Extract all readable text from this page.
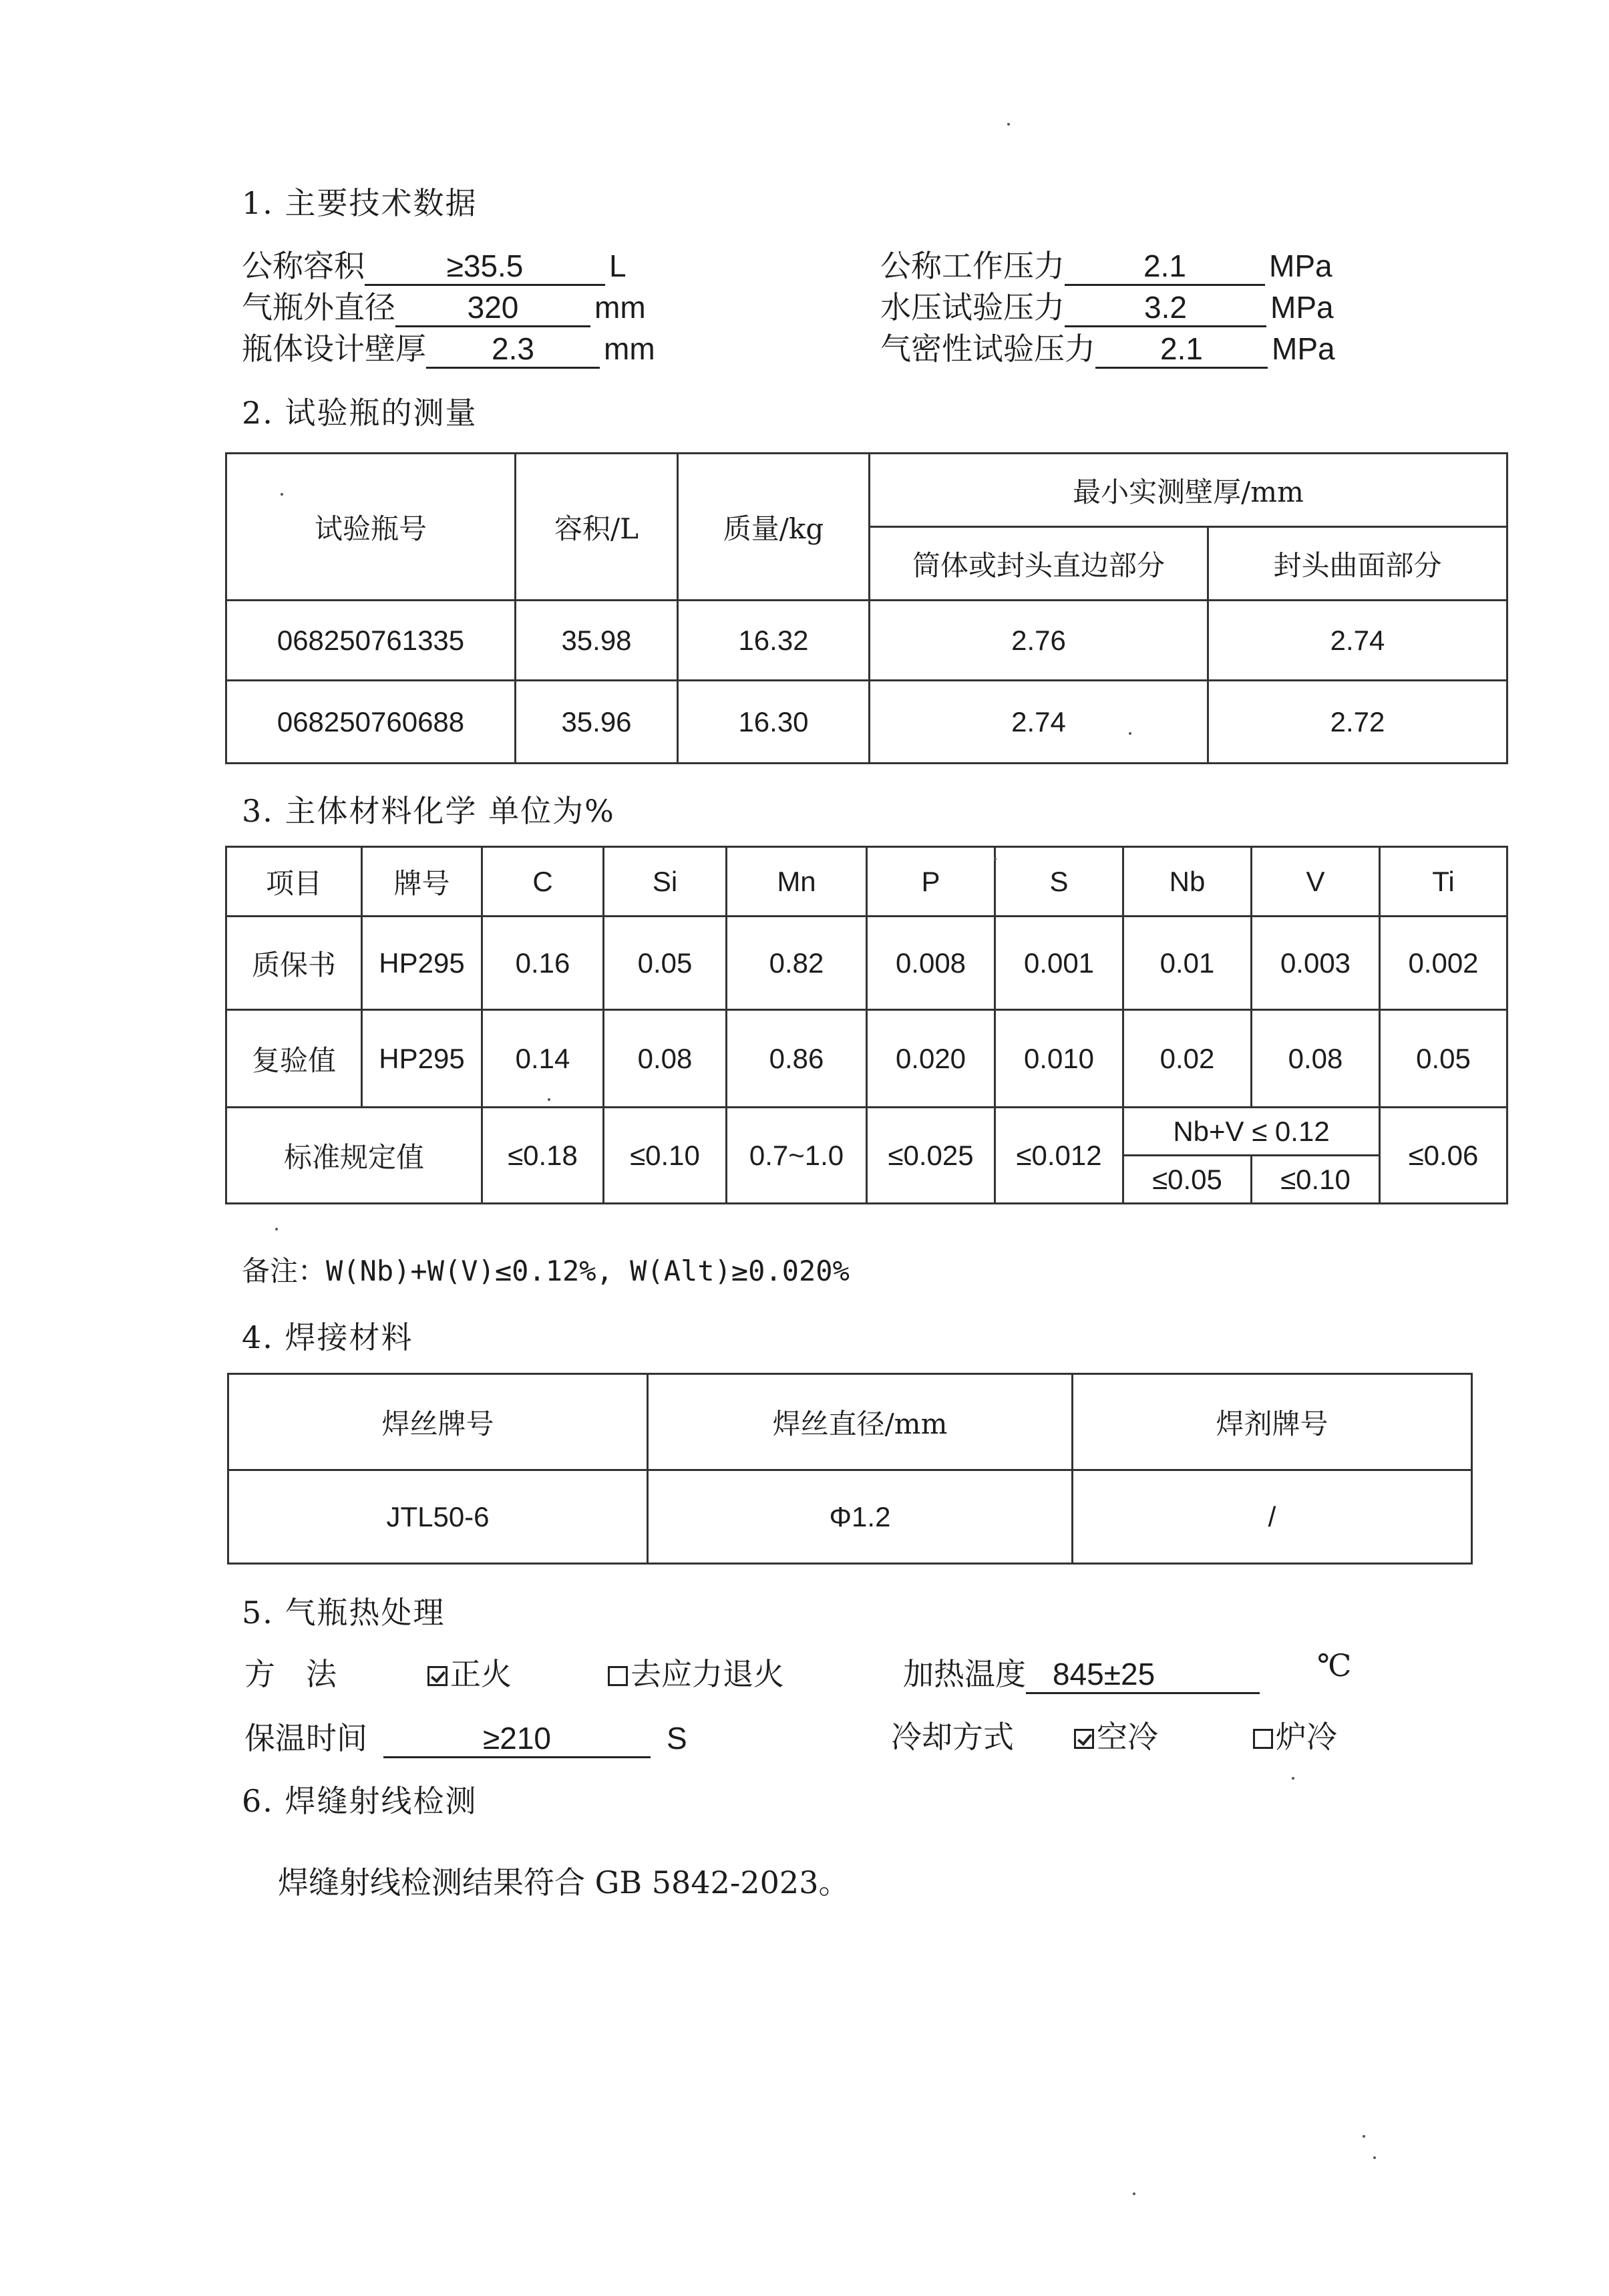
1. 主要技术数据
公称容积	≥35.5	L
气瓶外直径 320 mm
瓶体设计壁厚 2.3 mm
公称工作压力	2.1	MPa
水压试验压力	3.2	MPa
气密性试验压力 2.1 MPa
2. 试验瓶的测量
试验瓶号	容积/L	质量/kg	最小实测壁厚/mm	
			筒体或封头直边部分	封头曲面部分
068250761335	35.98	16.32	2.76	2.74
068250760688	35.96	16.30	2.74	2.72
3. 主体材料化学 单位为%
项目	牌号	C	Si	Mn	P	S	Nb	V	Ti
质保书	HP295	0.16	0.05	0.82	0.008	0.001	0.01	0.003	0.002
复验值	HP295	0.14	0.08	0.86	0.020	0.010	0.02	0.08	0.05
标准规定值		≤0.18	≤0.10	0.7~1.0	≤0.025	≤0.012	Nb+V ≤ 0.12		≤0.06
							≤0.05	≤0.10	
备注：W(Nb)+W(V)≤0.12%, W(Alt)≥0.020%
4. 焊接材料
焊丝牌号	焊丝直径/mm	焊剂牌号
JTL50-6	Φ1.2	/
5. 气瓶热处理
方　法	正火	去应力退火	加热温度 845±25	℃
保温时间	≥210	S	冷却方式	空冷	炉冷
6. 焊缝射线检测
焊缝射线检测结果符合 GB 5842-2023。
